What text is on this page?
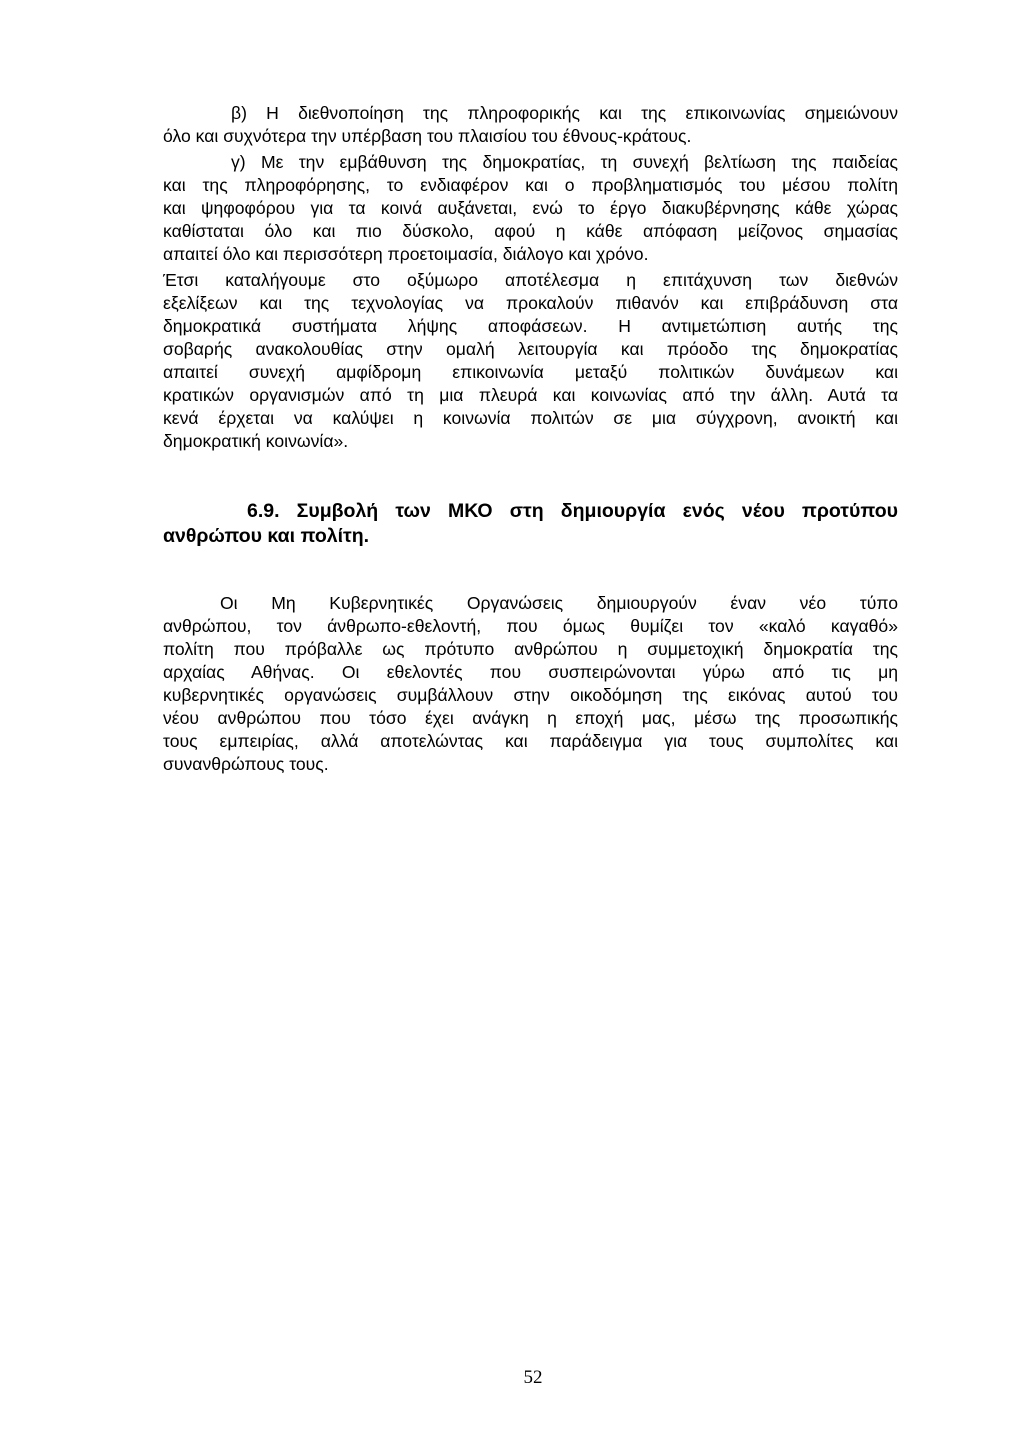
β) Η διεθνοποίηση της πληροφορικής και της επικοινωνίας σημειώνουν
όλο και συχνότερα την υπέρβαση του πλαισίου του έθνους-κράτους.
γ) Με την εμβάθυνση της δημοκρατίας, τη συνεχή βελτίωση της παιδείας
και της πληροφόρησης, το ενδιαφέρον και ο προβληματισμός του μέσου πολίτη
και ψηφοφόρου για τα κοινά αυξάνεται, ενώ το έργο διακυβέρνησης κάθε χώρας
καθίσταται όλο και πιο δύσκολο, αφού η κάθε απόφαση μείζονος σημασίας
απαιτεί όλο και περισσότερη προετοιμασία, διάλογο και χρόνο.
Έτσι καταλήγουμε στο οξύμωρο αποτέλεσμα η επιτάχυνση των διεθνών
εξελίξεων και της τεχνολογίας να προκαλούν πιθανόν και επιβράδυνση στα
δημοκρατικά συστήματα λήψης αποφάσεων. Η αντιμετώπιση αυτής της
σοβαρής ανακολουθίας στην ομαλή λειτουργία και πρόοδο της δημοκρατίας
απαιτεί συνεχή αμφίδρομη επικοινωνία μεταξύ πολιτικών δυνάμεων και
κρατικών οργανισμών από τη μια πλευρά και κοινωνίας από την άλλη. Αυτά τα
κενά έρχεται να καλύψει η κοινωνία πολιτών σε μια σύγχρονη, ανοικτή και
δημοκρατική κοινωνία».
6.9. Συμβολή των ΜΚΟ στη δημιουργία ενός νέου προτύπου
ανθρώπου και πολίτη.
Οι Μη Κυβερνητικές Οργανώσεις δημιουργούν έναν νέο τύπο
ανθρώπου, τον άνθρωπο-εθελοντή, που όμως θυμίζει τον «καλό καγαθό»
πολίτη που πρόβαλλε ως πρότυπο ανθρώπου η συμμετοχική δημοκρατία της
αρχαίας Αθήνας. Οι εθελοντές που συσπειρώνονται γύρω από τις μη
κυβερνητικές οργανώσεις συμβάλλουν στην οικοδόμηση της εικόνας αυτού του
νέου ανθρώπου που τόσο έχει ανάγκη η εποχή μας, μέσω της προσωπικής
τους εμπειρίας, αλλά αποτελώντας και παράδειγμα για τους συμπολίτες και
συνανθρώπους τους.
52
